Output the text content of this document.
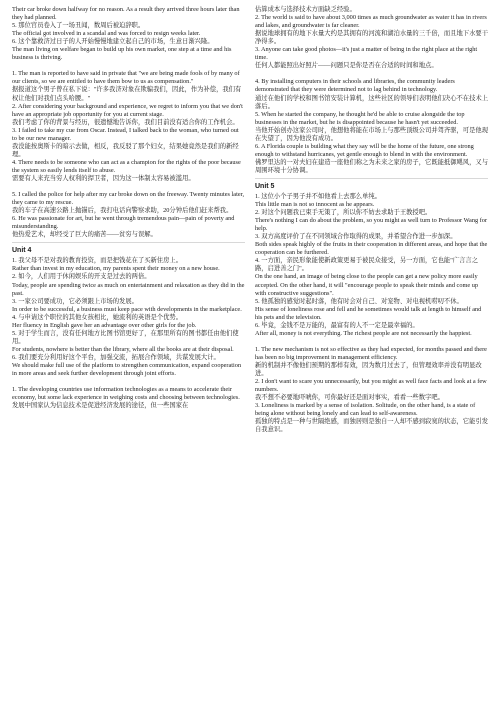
Their car broke down halfway for no reason. As a result they arrived three hours later than they had planned.

5. 那位官员卷入了一场丑闻，数周后被迫辞职。

The official got involved in a scandal and was forced to resign weeks later.

6. 这个靠救济过日子的人开始慢慢地建立起自己的市场，生意日渐兴隆。

The man living on welfare began to build up his own market, one step at a time and his business is thriving.

1. The man is reported to have said in private that "we are being made fools of by many of our clients, so we are entitled to have them bow to us as compensation."

据报道这个男子曾在私下说："许多我济对象在欺骗我们，因此，作为补偿，我们有权让他们对我们点头哈腰。"

2. After considering your background and experience, we regret to inform you that we don't have an appropriate job opportunity for you at current stage.

我们考虑了你的背景与经历，很遗憾地告诉你，我们目前没有适合你的工作机会。

3. I failed to take my cue from Oscar. Instead, I talked back to the woman, who turned out to be our new manager.

我没能按奥斯卡的暗示去做，相反，我反驳了那个妇女，结果她竟然是我们的新经理。

4. There needs to be someone who can act as a champion for the rights of the poor because the system so easily lends itself to abuse.

需要有人来充当穷人权利的捍卫者，因为这一体制太容易被滥用。

5. I called the police for help after my car broke down on the freeway. Twenty minutes later, they came to my rescue.

我的车子在高速公路上抛锚后，我打电话向警察求助，20分钟后他们赶来帮我。

6. He was passionate for art, but he went through tremendous pain—pain of poverty and misunderstanding.

他热爱艺术，却经受了巨大的痛苦——贫穷与误解。

Unit 4

1. 我父母不是对我的教育投资，而是把钱花在了买新住房上。

Rather than invest in my education, my parents spent their money on a new house.

2. 如今，人们用于休闲娱乐的开支是过去的两倍。

Today, people are spending twice as much on entertainment and relaxation as they did in the past.

3. 一家公司要成功，它必须跟上市场的发展。

In order to be successful, a business must keep pace with developments in the marketplace.

4. 与申请这个职位的其他女孩相比，她流利的英语是个优势。

Her fluency in English gave her an advantage over other girls for the job.

5. 对于学生而言，没有任何地方比图书馆更好了，在那里所有的图书都任由他们使用。

For students, nowhere is better than the library, where all the books are at their disposal.

6. 我们要充分利用好这个平台，加强交流，拓展合作领域，共谋发展大计。

We should make full use of the platform to strengthen communication, expand cooperation in more areas and seek further development through joint efforts.

1. The developing countries use information technologies as a means to accelerate their economy, but some lack experience in weighing costs and choosing between technologies.

发展中国家认为信息技术是促进经济发展的途径，但一些国家在

估算成本与选择技术方面缺乏经验。

2. The world is said to have about 3,000 times as much groundwater as water it has in rivers and lakes, and groundwater is far cleaner.

据说地球拥有的地下水量大约是其拥有的河流和湖泊水量的三千倍，而且地下水要干净得多。

3. Anyone can take good photos—it's just a matter of being in the right place at the right time.

任何人都能照出好照片——问题只是你是否在合适的时间和地点。

4. By installing computers in their schools and libraries, the community leaders demonstrated that they were determined not to lag behind in technology.

通过在他们的学校和图书馆安装计算机，这些社区的领导们表明他们决心不在技术上落后。

5. When he started the company, he thought he'd be able to cruise alongside the top businesses in the market, but he is disappointed because he hasn't yet succeeded.

当他开始创办这家公司时，他想他将能在市场上与那些顶级公司并驾齐驱，可是他现在失望了，因为他没有成功。

6. A Florida couple is building what they say will be the home of the future, one strong enough to withstand hurricanes, yet gentle enough to blend in with the environment.

佛罗里达的一对夫妇在建造一座他们称之为未来之家的房子，它既能抵御飓风，又与周围环境十分协调。

Unit 5

1. 这位小个子男子并不如他看上去那么单纯。

This little man is not so innocent as he appears.

2. 对这个问题我已束手无策了，所以你不妨去求助于王教授吧。

There's nothing I can do about the problem, so you might as well turn to Professor Wang for help.

3. 双方高度评价了在不同领域合作取得的成果，并希望合作进一步加深。

Both sides speak highly of the fruits in their cooperation in different areas, and hope that the cooperation can be furthered.

4. 一方面，亲民形象能使新政策更易于被民众接受，另一方面，它也能"广言言之路，启进善之门"。

On the one hand, an image of being close to the people can get a new policy more easily accepted. On the other hand, it will "encourage people to speak their minds and come up with constructive suggestions".

5. 他孤独的感觉时起时落，他有时会对自己、对宠物、对电视机唠叨不休。

His sense of loneliness rose and fell and he sometimes would talk at length to himself and his pets and the television.

6. 毕竟，金钱不是万能的，最富有的人不一定是最幸福的。

After all, money is not everything. The richest people are not necessarily the happiest.

1. The new mechanism is not so effective as they had expected, for months passed and there has been no big improvement in management efficiency.

新的机制并不像他们预期的那样有效，因为数月过去了，但管理效率并没有明显改进。

2. I don't want to scare you unnecessarily, but you might as well face facts and look at a few numbers.

我不想不必要地吓唬你，可你最好还是面对事实，看看一些数字吧。

3. Loneliness is marked by a sense of isolation. Solitude, on the other hand, is a state of being alone without being lonely and can lead to self-awareness.

孤独的特点是一种与世隔绝感，而独居则是独自一人却不感到寂寞的状态，它能引发自我意识。
